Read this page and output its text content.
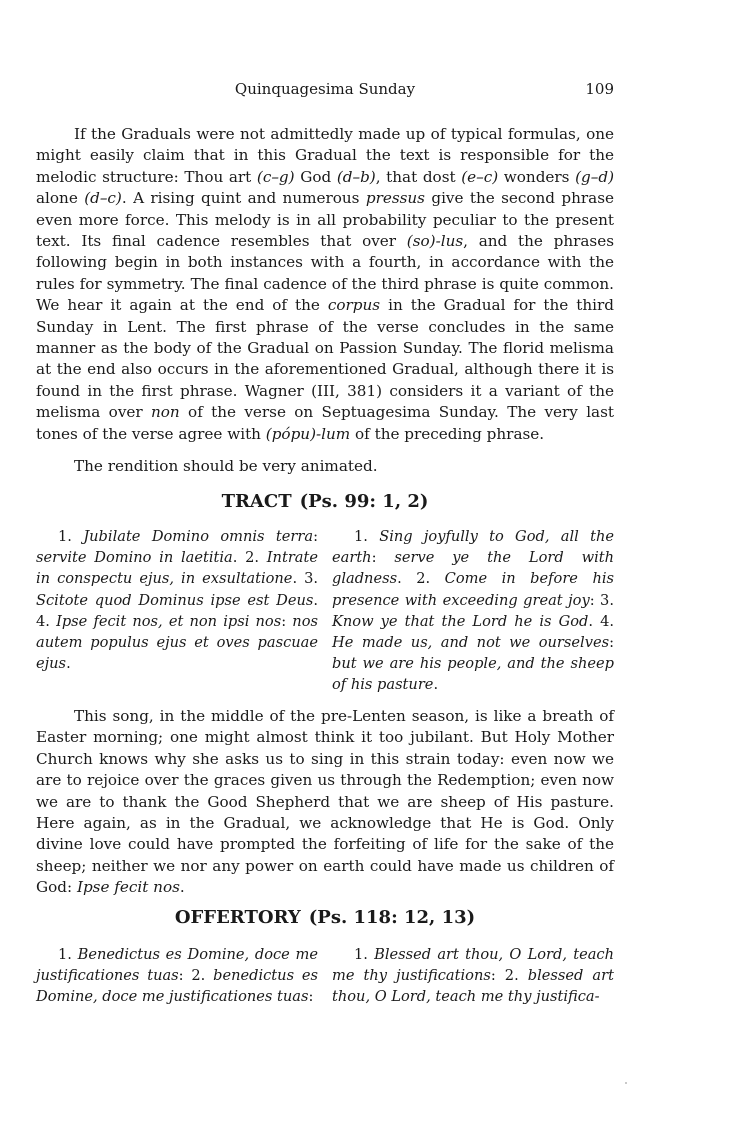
Quinquagesima Sunday	109

If the Graduals were not admittedly made up of typical formulas, one might easily claim that in this Gradual the text is responsible for the melodic structure: Thou art (c–g) God (d–b), that dost (e–c) wonders (g–d) alone (d–c). A rising quint and numerous pressus give the second phrase even more force. This melody is in all probability peculiar to the present text. Its final cadence resembles that over (so)-lus, and the phrases following begin in both instances with a fourth, in accordance with the rules for symmetry. The final cadence of the third phrase is quite common. We hear it again at the end of the corpus in the Gradual for the third Sunday in Lent. The first phrase of the verse concludes in the same manner as the body of the Gradual on Passion Sunday. The florid melisma at the end also occurs in the aforementioned Gradual, although there it is found in the first phrase. Wagner (III, 381) considers it a variant of the melisma over non of the verse on Septuagesima Sunday. The very last tones of the verse agree with (pópu)-lum of the preceding phrase.

The rendition should be very animated.

TRACT (Ps. 99: 1, 2)

1. Jubilate Domino omnis terra: servite Domino in laetitia. 2. Intrate in conspectu ejus, in exsultatione. 3. Scitote quod Dominus ipse est Deus. 4. Ipse fecit nos, et non ipsi nos: nos autem populus ejus et oves pascuae ejus.

1. Sing joyfully to God, all the earth: serve ye the Lord with gladness. 2. Come in before his presence with exceeding great joy: 3. Know ye that the Lord he is God. 4. He made us, and not we ourselves: but we are his people, and the sheep of his pasture.

This song, in the middle of the pre-Lenten season, is like a breath of Easter morning; one might almost think it too jubilant. But Holy Mother Church knows why she asks us to sing in this strain today: even now we are to rejoice over the graces given us through the Redemption; even now we are to thank the Good Shepherd that we are sheep of His pasture. Here again, as in the Gradual, we acknowledge that He is God. Only divine love could have prompted the forfeiting of life for the sake of the sheep; neither we nor any power on earth could have made us children of God: Ipse fecit nos.

OFFERTORY (Ps. 118: 12, 13)

1. Benedictus es Domine, doce me justificationes tuas: 2. benedictus es Domine, doce me justificationes tuas:

1. Blessed art thou, O Lord, teach me thy justifications: 2. blessed art thou, O Lord, teach me thy justifica-
